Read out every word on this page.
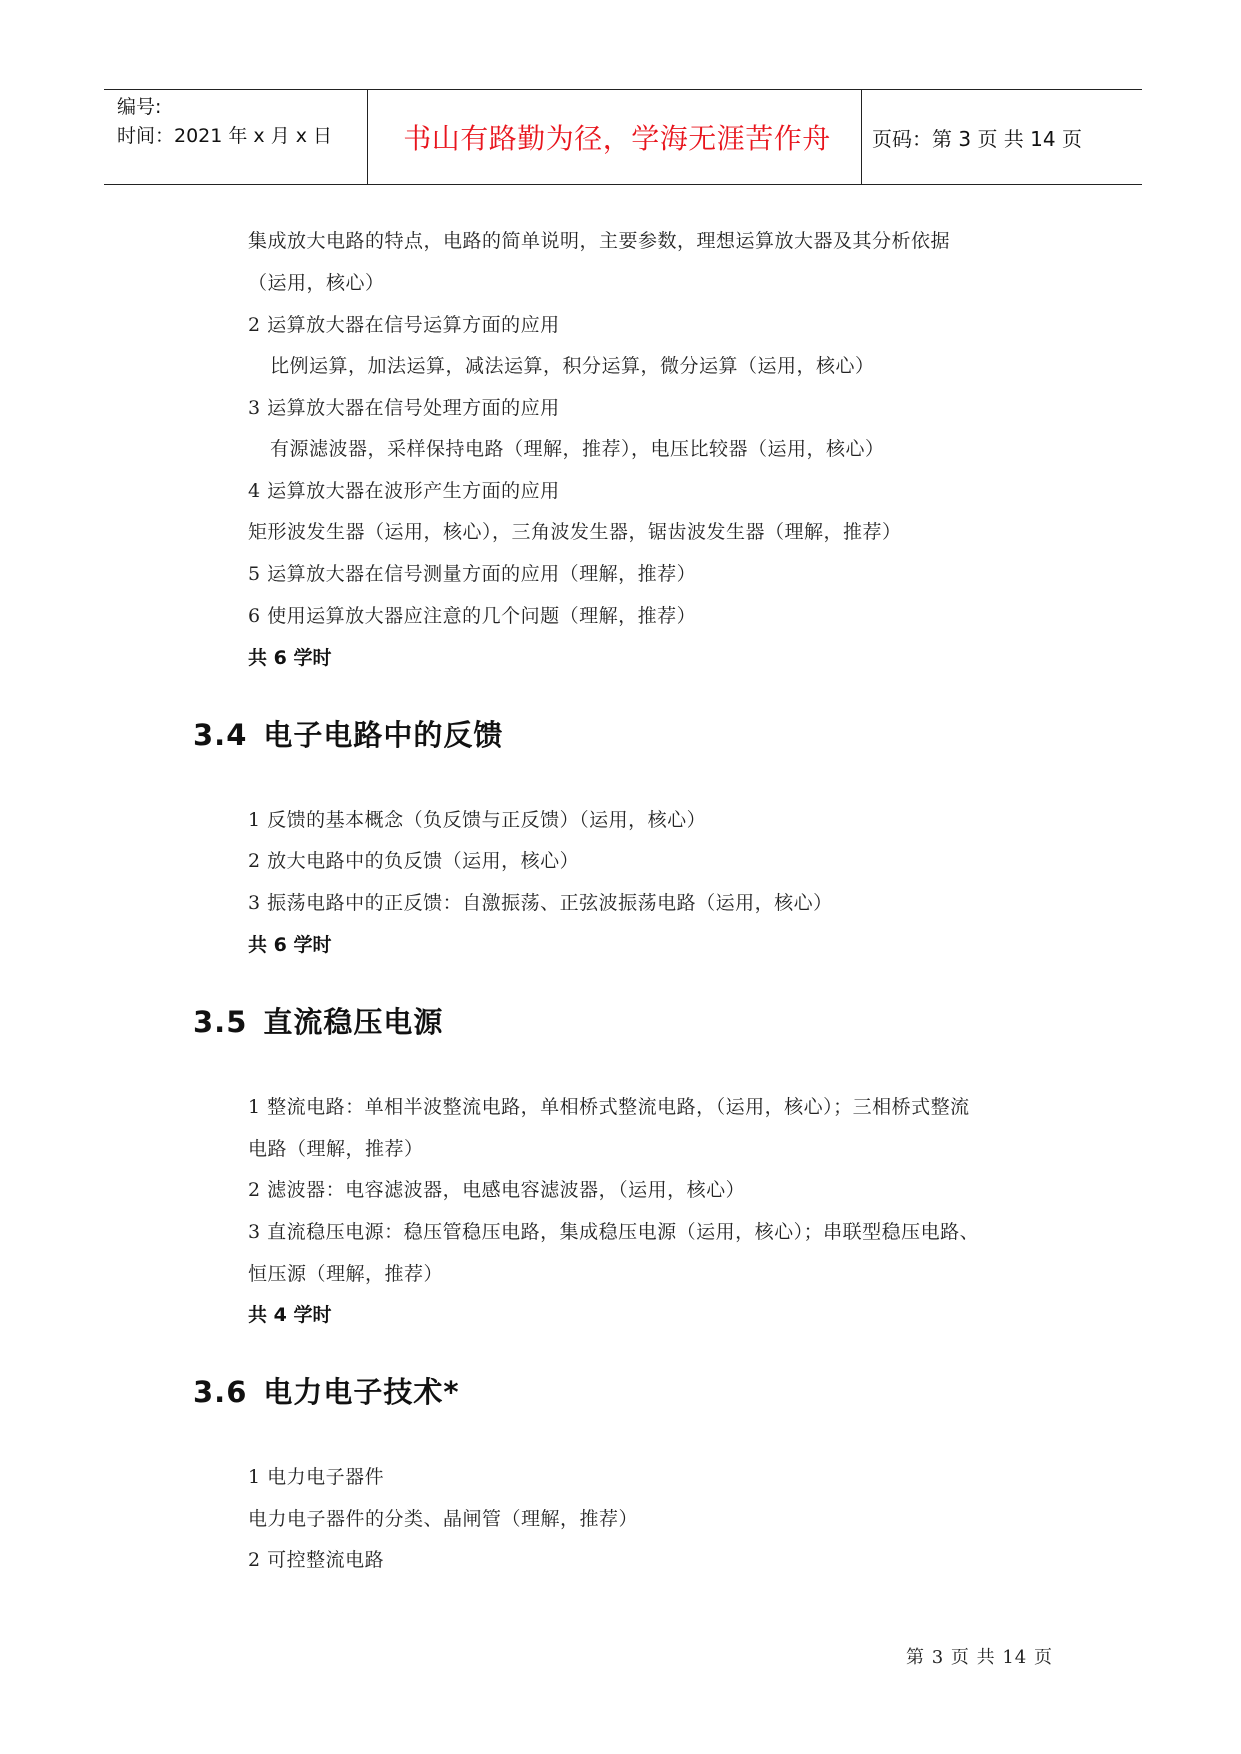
编号:
时间：2021 年 x 月 x 日	书山有路勤为径，学海无涯苦作舟	页码：第 3 页 共 14 页
集成放大电路的特点，电路的简单说明，主要参数，理想运算放大器及其分析依据
（运用，核心）
2 运算放大器在信号运算方面的应用
比例运算，加法运算，减法运算，积分运算，微分运算（运用，核心）
3 运算放大器在信号处理方面的应用
有源滤波器，采样保持电路（理解，推荐），电压比较器（运用，核心）
4 运算放大器在波形产生方面的应用
矩形波发生器（运用，核心），三角波发生器，锯齿波发生器（理解，推荐）
5 运算放大器在信号测量方面的应用（理解，推荐）
6 使用运算放大器应注意的几个问题（理解，推荐）
共 6 学时
3.4 电子电路中的反馈
1 反馈的基本概念（负反馈与正反馈）（运用，核心）
2 放大电路中的负反馈（运用，核心）
3 振荡电路中的正反馈：自激振荡、正弦波振荡电路（运用，核心）
共 6 学时
3.5 直流稳压电源
1 整流电路：单相半波整流电路，单相桥式整流电路，（运用，核心）；三相桥式整流
电路（理解，推荐）
2 滤波器：电容滤波器，电感电容滤波器，（运用，核心）
3 直流稳压电源：稳压管稳压电路，集成稳压电源（运用，核心）；串联型稳压电路、
恒压源（理解，推荐）
共 4 学时
3.6 电力电子技术*
1 电力电子器件
电力电子器件的分类、晶闸管（理解，推荐）
2 可控整流电路
第 3 页 共 14 页
